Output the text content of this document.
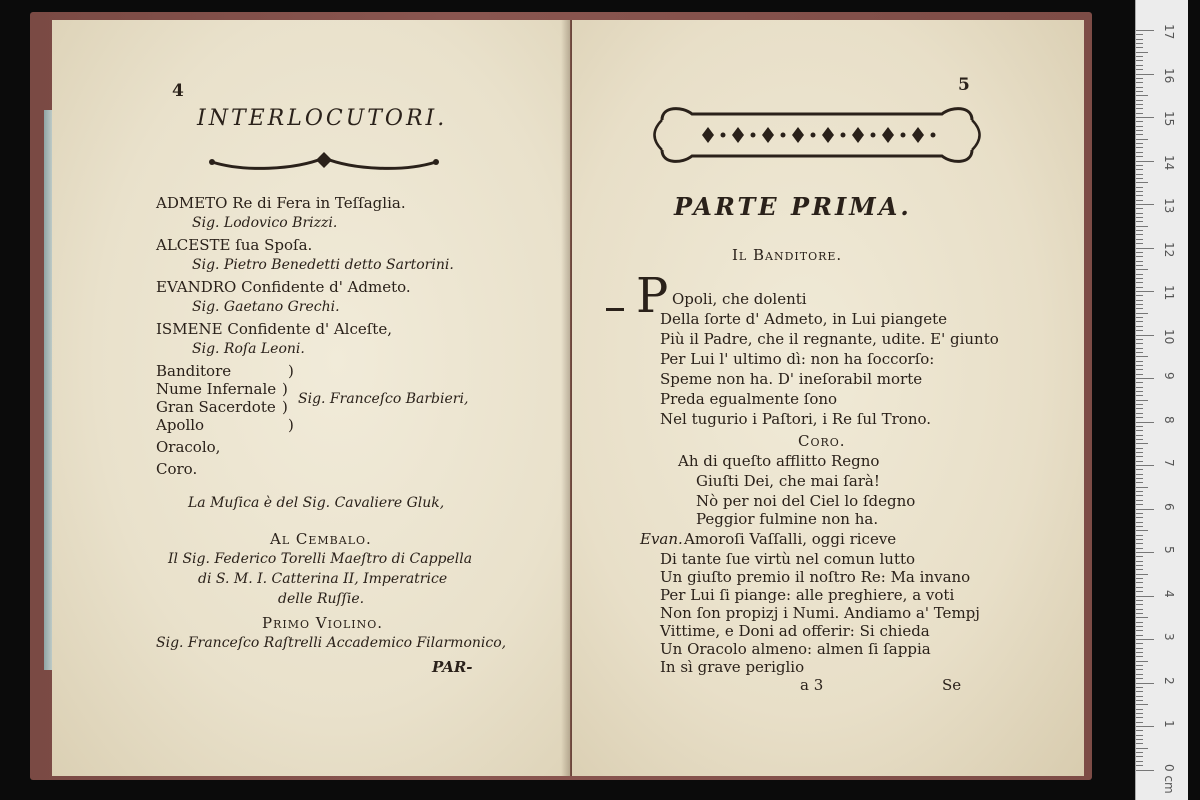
4
INTERLOCUTORI.
ADMETO Re di Fera in Teſſaglia.
Sig. Lodovico Brizzi.
ALCESTE ſua Spoſa.
Sig. Pietro Benedetti detto Sartorini.
EVANDRO Confidente d' Admeto.
Sig. Gaetano Grechi.
ISMENE Confidente d' Alceſte,
Sig. Roſa Leoni.
Banditore
Nume Infernale
Gran Sacerdote
Apollo
)
)
)
)
Sig. Franceſco Barbieri,
Oracolo,
Coro.
La Muſica è del Sig. Cavaliere Gluk,
Al Cembalo.
Il Sig. Federico Torelli Maeſtro di Cappella
di S. M. I. Catterina II, Imperatrice
delle Ruſſie.
Primo Violino.
Sig. Franceſco Raſtrelli Accademico Filarmonico,
PAR-
5
PARTE PRIMA.
Il Banditore.
P Opoli, che dolenti
Della ſorte d' Admeto, in Lui piangete
Più il Padre, che il regnante, udite. E' giunto
Per Lui l' ultimo dì: non ha ſoccorſo:
Speme non ha. D' ineſorabil morte
Preda egualmente ſono
Nel tugurio i Paſtori, i Re ſul Trono.
Coro.
Ah di queſto afflitto Regno
Giuſti Dei, che mai ſarà!
Nò per noi del Ciel lo ſdegno
Peggior fulmine non ha.
Evan. Amoroſi Vaſſalli, oggi riceve
Di tante ſue virtù nel comun lutto
Un giuſto premio il noſtro Re: Ma invano
Per Lui ſi piange: alle preghiere, a voti
Non ſon propizj i Numi. Andiamo a' Tempj
Vittime, e Doni ad offerir: Si chieda
Un Oracolo almeno: almen ſi ſappia
In sì grave periglio
a 3	Se
17
16
15
14
13
12
11
10
9
8
7
6
5
4
3
2
1
0 cm
